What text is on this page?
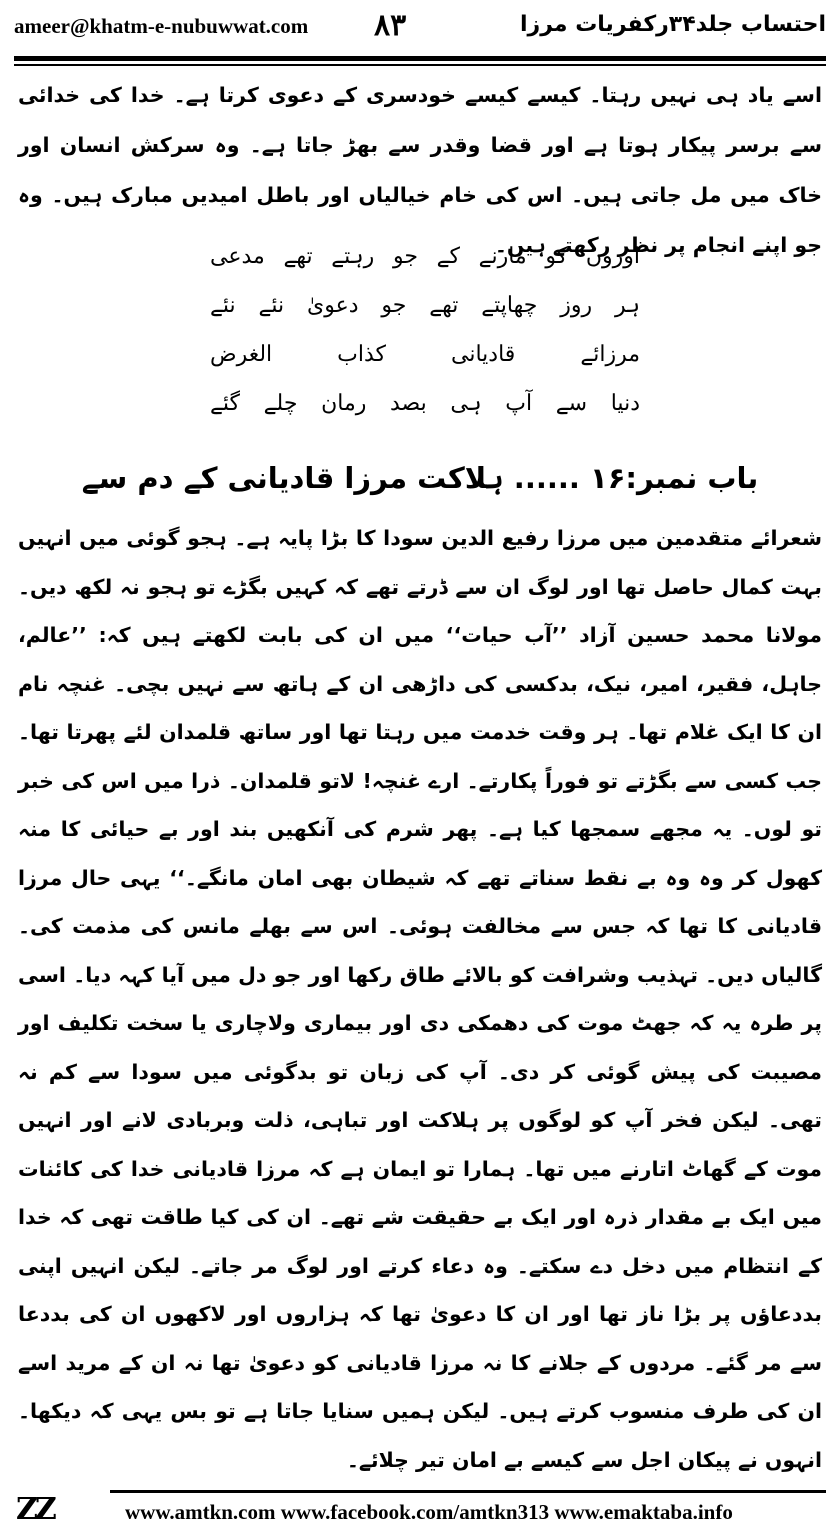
ameer@khatm-e-nubuwwat.com ۸۳	احتساب جلد۳۴رکفریات مرزا

اسے یاد ہی نہیں رہتا۔ کیسے کیسے خودسری کے دعوی کرتا ہے۔ خدا کی خدائی سے برسر پیکار ہوتا ہے اور قضا وقدر سے بھڑ جاتا ہے۔ وہ سرکش انسان اور خاک میں مل جاتی ہیں۔ اس کی خام خیالیاں اور باطل امیدیں مبارک ہیں۔ وہ جو اپنے انجام پر نظر رکھتے ہیں۔

اوروں کو مارنے کے جو رہتے تھے مدعی
ہر روز چھاپتے تھے جو دعویٰ نئے نئے
مرزائے قادیانی کذاب الغرض
دنیا سے آپ ہی بصد رمان چلے گئے
باب نمبر:۱۶ ...... ہلاکت مرزا قادیانی کے دم سے

شعرائے متقدمین میں مرزا رفیع الدین سودا کا بڑا پایہ ہے۔ ہجو گوئی میں انہیں بہت کمال حاصل تھا اور لوگ ان سے ڈرتے تھے کہ کہیں بگڑے تو ہجو نہ لکھ دیں۔ مولانا محمد حسین آزاد ’’آب حیات‘‘ میں ان کی بابت لکھتے ہیں کہ: ’’عالم، جاہل، فقیر، امیر، نیک، بدکسی کی داڑھی ان کے ہاتھ سے نہیں بچی۔ غنچہ نام ان کا ایک غلام تھا۔ ہر وقت خدمت میں رہتا تھا اور ساتھ قلمدان لئے پھرتا تھا۔ جب کسی سے بگڑتے تو فوراً پکارتے۔ ارے غنچہ! لاتو قلمدان۔ ذرا میں اس کی خبر تو لوں۔ یہ مجھے سمجھا کیا ہے۔ پھر شرم کی آنکھیں بند اور بے حیائی کا منہ کھول کر وہ وہ بے نقط سناتے تھے کہ شیطان بھی امان مانگے۔‘‘ یہی حال مرزا قادیانی کا تھا کہ جس سے مخالفت ہوئی۔ اس سے بھلے مانس کی مذمت کی۔ گالیاں دیں۔ تہذیب وشرافت کو بالائے طاق رکھا اور جو دل میں آیا کہہ دیا۔ اسی پر طرہ یہ کہ جھٹ موت کی دھمکی دی اور بیماری ولاچاری یا سخت تکلیف اور مصیبت کی پیش گوئی کر دی۔ آپ کی زبان تو بدگوئی میں سودا سے کم نہ تھی۔ لیکن فخر آپ کو لوگوں پر ہلاکت اور تباہی، ذلت وبربادی لانے اور انہیں موت کے گھاٹ اتارنے میں تھا۔ ہمارا تو ایمان ہے کہ مرزا قادیانی خدا کی کائنات میں ایک بے مقدار ذرہ اور ایک بے حقیقت شے تھے۔ ان کی کیا طاقت تھی کہ خدا کے انتظام میں دخل دے سکتے۔ وہ دعاء کرتے اور لوگ مر جاتے۔ لیکن انہیں اپنی بددعاؤں پر بڑا ناز تھا اور ان کا دعویٰ تھا کہ ہزاروں اور لاکھوں ان کی بددعا سے مر گئے۔ مردوں کے جلانے کا نہ مرزا قادیانی کو دعویٰ تھا نہ ان کے مرید اسے ان کی طرف منسوب کرتے ہیں۔ لیکن ہمیں سنایا جاتا ہے تو بس یہی کہ دیکھا۔ انہوں نے پیکان اجل سے کیسے بے امان تیر چلائے۔

ZZ	www.amtkn.com www.facebook.com/amtkn313 www.emaktaba.info
